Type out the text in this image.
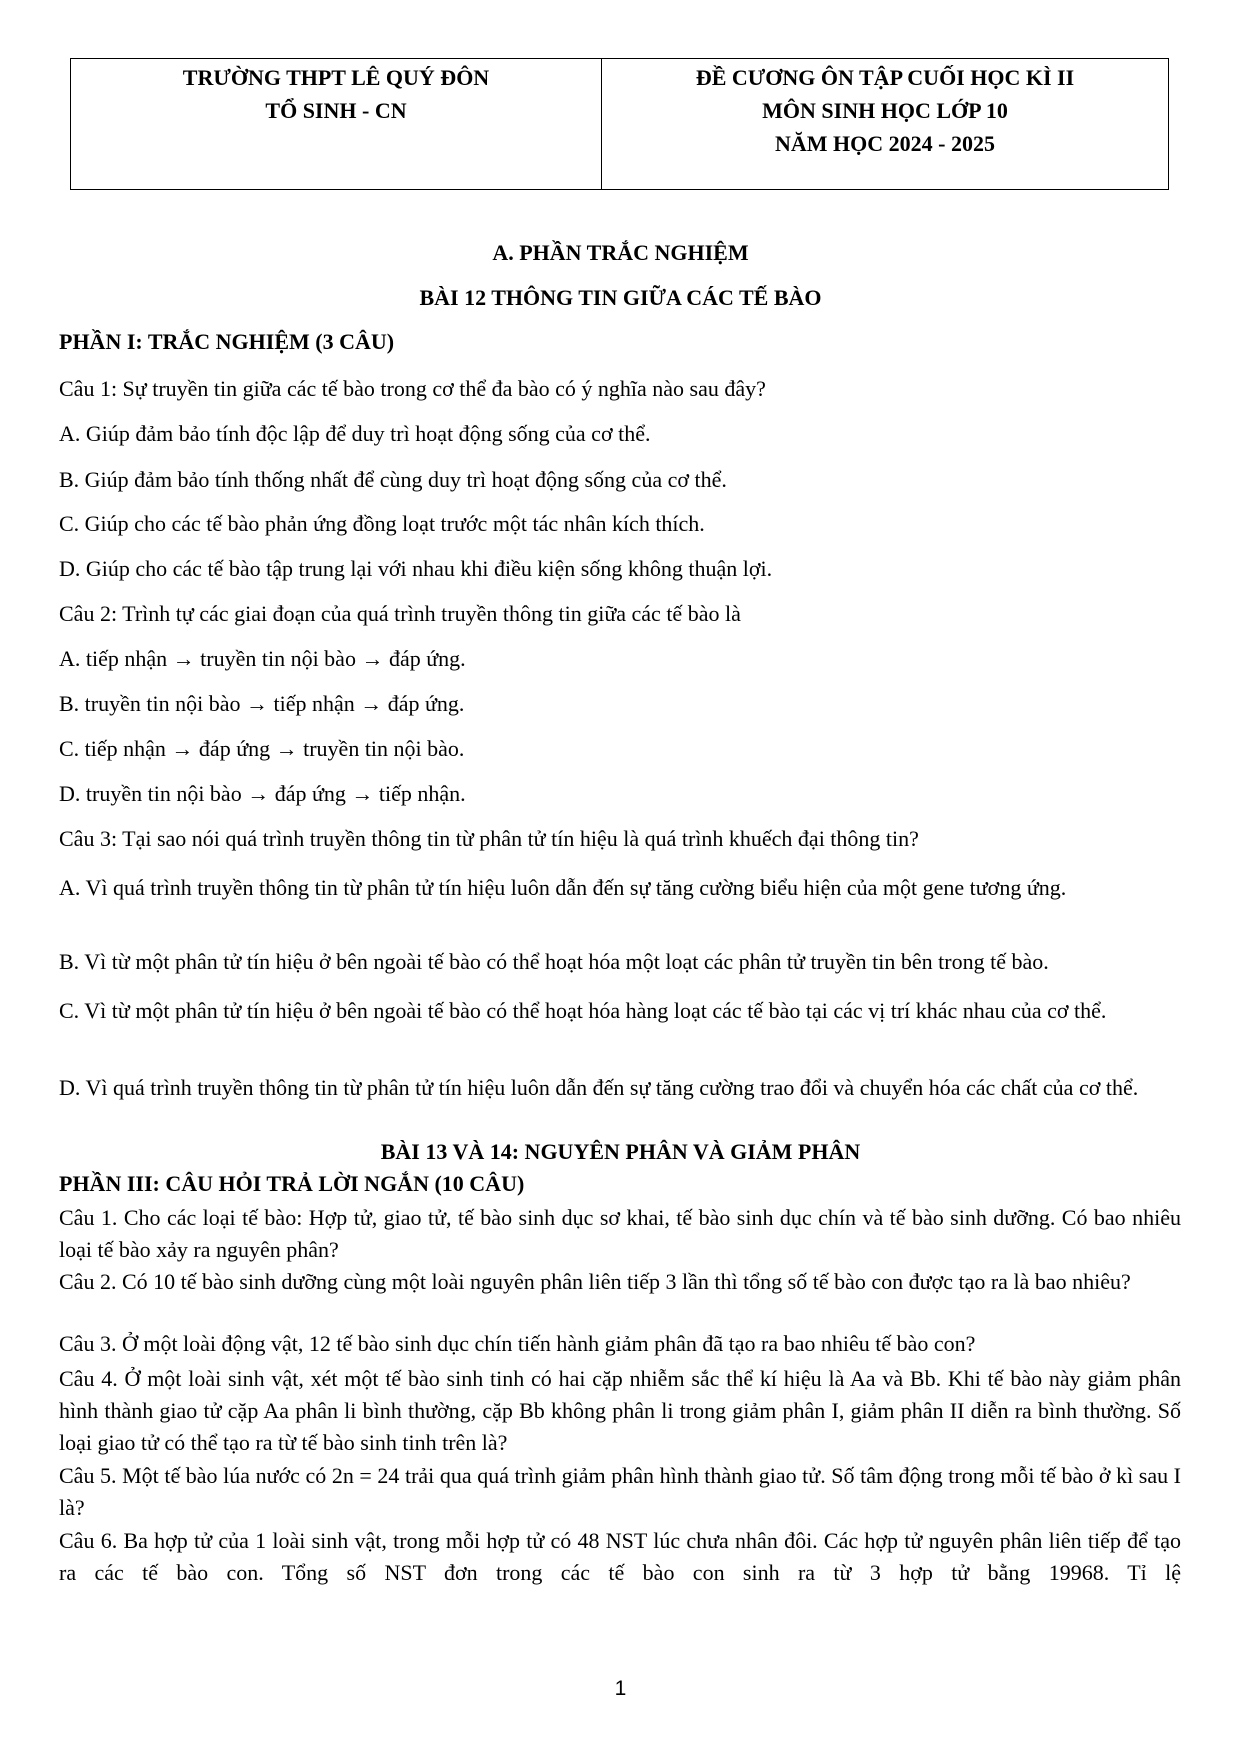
TRƯỜNG THPT LÊ QUÝ ĐÔN
TỔ SINH - CN
ĐỀ CƯƠNG ÔN TẬP CUỐI HỌC KÌ II
MÔN SINH HỌC LỚP 10
NĂM HỌC 2024 - 2025
A. PHẦN TRẮC NGHIỆM
BÀI 12 THÔNG TIN GIỮA CÁC TẾ BÀO
PHẦN I: TRẮC NGHIỆM (3 CÂU)
Câu 1: Sự truyền tin giữa các tế bào trong cơ thể đa bào có ý nghĩa nào sau đây?
A. Giúp đảm bảo tính độc lập để duy trì hoạt động sống của cơ thể.
B. Giúp đảm bảo tính thống nhất để cùng duy trì hoạt động sống của cơ thể.
C. Giúp cho các tế bào phản ứng đồng loạt trước một tác nhân kích thích.
D. Giúp cho các tế bào tập trung lại với nhau khi điều kiện sống không thuận lợi.
Câu 2: Trình tự các giai đoạn của quá trình truyền thông tin giữa các tế bào là
A. tiếp nhận → truyền tin nội bào → đáp ứng.
B. truyền tin nội bào → tiếp nhận → đáp ứng.
C. tiếp nhận → đáp ứng → truyền tin nội bào.
D. truyền tin nội bào → đáp ứng → tiếp nhận.
Câu 3: Tại sao nói quá trình truyền thông tin từ phân tử tín hiệu là quá trình khuếch đại thông tin?
A. Vì quá trình truyền thông tin từ phân tử tín hiệu luôn dẫn đến sự tăng cường biểu hiện của một gene tương ứng.
B. Vì từ một phân tử tín hiệu ở bên ngoài tế bào có thể hoạt hóa một loạt các phân tử truyền tin bên trong tế bào.
C. Vì từ một phân tử tín hiệu ở bên ngoài tế bào có thể hoạt hóa hàng loạt các tế bào tại các vị trí khác nhau của cơ thể.
D. Vì quá trình truyền thông tin từ phân tử tín hiệu luôn dẫn đến sự tăng cường trao đổi và chuyển hóa các chất của cơ thể.
BÀI 13 VÀ 14: NGUYÊN PHÂN VÀ GIẢM PHÂN
PHẦN III: CÂU HỎI TRẢ LỜI NGẮN (10 CÂU)
Câu 1. Cho các loại tế bào: Hợp tử, giao tử, tế bào sinh dục sơ khai, tế bào sinh dục chín và tế bào sinh dưỡng. Có bao nhiêu loại tế bào xảy ra nguyên phân?
Câu 2. Có 10 tế bào sinh dưỡng cùng một loài nguyên phân liên tiếp 3 lần thì tổng số tế bào con được tạo ra là bao nhiêu?
Câu 3. Ở một loài động vật, 12 tế bào sinh dục chín tiến hành giảm phân đã tạo ra bao nhiêu tế bào con?
Câu 4. Ở một loài sinh vật, xét một tế bào sinh tinh có hai cặp nhiễm sắc thể kí hiệu là Aa và Bb. Khi tế bào này giảm phân hình thành giao tử cặp Aa phân li bình thường, cặp Bb không phân li trong giảm phân I, giảm phân II diễn ra bình thường. Số loại giao tử có thể tạo ra từ tế bào sinh tinh trên là?
Câu 5. Một tế bào lúa nước có 2n = 24 trải qua quá trình giảm phân hình thành giao tử. Số tâm động trong mỗi tế bào ở kì sau I là?
Câu 6. Ba hợp tử của 1 loài sinh vật, trong mỗi hợp tử có 48 NST lúc chưa nhân đôi. Các hợp tử nguyên phân liên tiếp để tạo ra các tế bào con. Tổng số NST đơn trong các tế bào con sinh ra từ 3 hợp tử bằng 19968. Tỉ lệ
1
